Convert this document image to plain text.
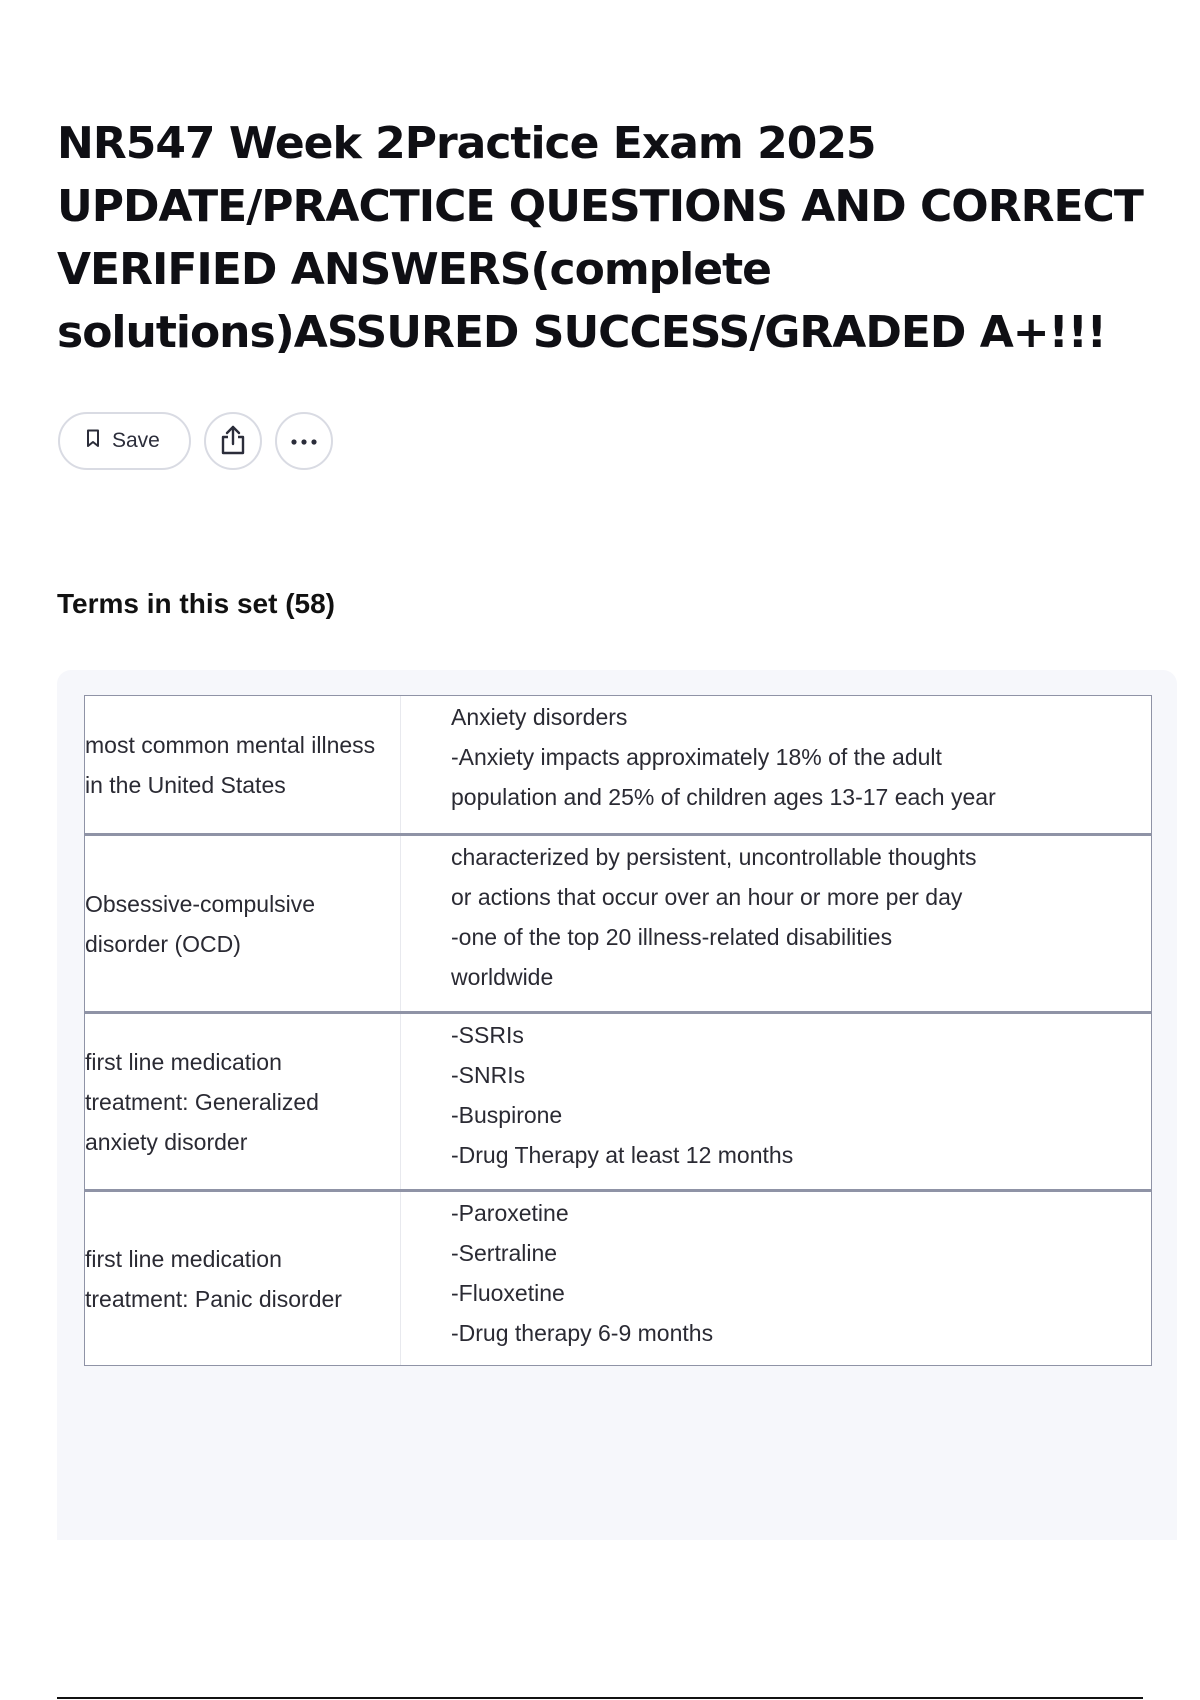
NR547 Week 2Practice Exam 2025 UPDATE/PRACTICE QUESTIONS AND CORRECT VERIFIED ANSWERS(complete solutions)ASSURED SUCCESS/GRADED A+!!!
Save
Terms in this set (58)
most common mental illness in the United States
Anxiety disorders
-Anxiety impacts approximately 18% of the adult
population and 25% of children ages 13-17 each year
Obsessive-compulsive disorder (OCD)
characterized by persistent, uncontrollable thoughts
or actions that occur over an hour or more per day
-one of the top 20 illness-related disabilities
worldwide
first line medication treatment: Generalized anxiety disorder
-SSRIs
-SNRIs
-Buspirone
-Drug Therapy at least 12 months
first line medication treatment: Panic disorder
-Paroxetine
-Sertraline
-Fluoxetine
-Drug therapy 6-9 months
